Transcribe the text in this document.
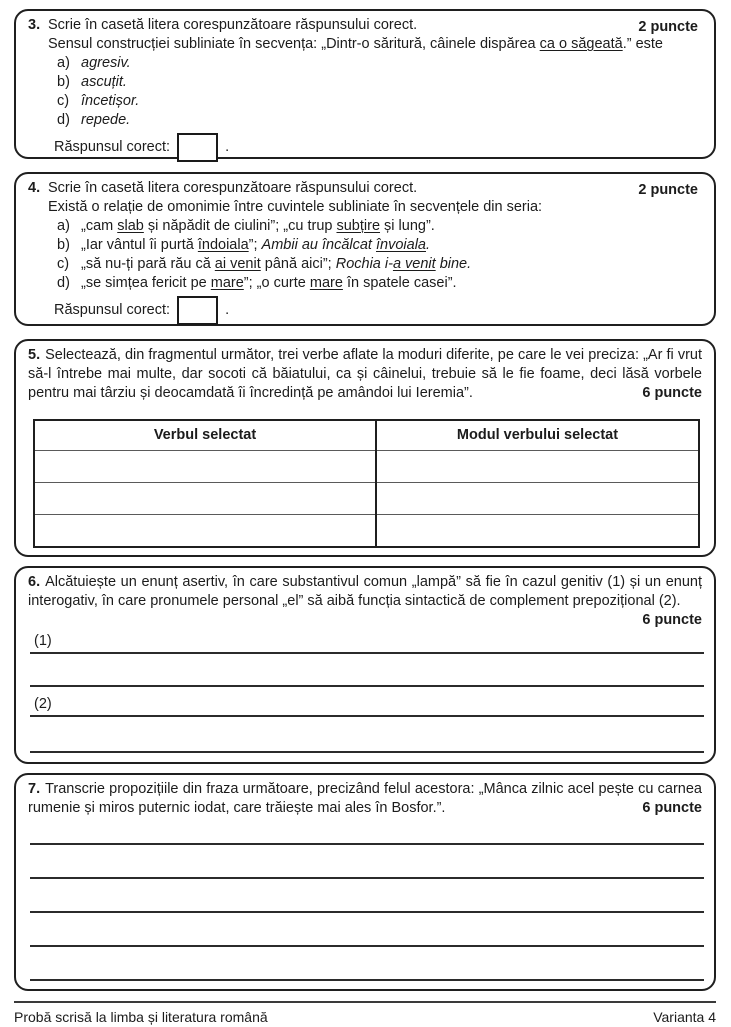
2 puncte
3. Scrie în casetă litera corespunzătoare răspunsului corect.
Sensul construcției subliniate în secvența: „Dintr-o săritură, câinele dispărea ca o săgeată.” este
a) agresiv.
b) ascuțit.
c) încetișor.
d) repede.
Răspunsul corect:	.
2 puncte
4. Scrie în casetă litera corespunzătoare răspunsului corect.
Există o relație de omonimie între cuvintele subliniate în secvențele din seria:
a) „cam slab și năpădit de ciulini”; „cu trup subțire și lung”.
b) „Iar vântul îi purtă îndoiala”; Ambii au încălcat învoiala.
c) „să nu-ți pară rău că ai venit până aici”; Rochia i-a venit bine.
d) „se simțea fericit pe mare”; „o curte mare în spatele casei”.
Răspunsul corect:	.

5. Selectează, din fragmentul următor, trei verbe aflate la moduri diferite, pe care le vei preciza: „Ar fi vrut să-l întrebe mai multe, dar socoti că băiatului, ca și câinelui, trebuie să le fie foame, deci lăsă vorbele pentru mai târziu și deocamdată îi încredință pe amândoi lui Ieremia”.	6 puncte

Verbul selectat	Modul verbului selectat

6. Alcătuiește un enunț asertiv, în care substantivul comun „lampă” să fie în cazul genitiv (1) și un enunț interogativ, în care pronumele personal „el” să aibă funcția sintactică de complement prepozițional (2).
6 puncte

(1)
(2)

7. Transcrie propozițiile din fraza următoare, precizând felul acestora: „Mânca zilnic acel pește cu carnea rumenie și miros puternic iodat, care trăiește mai ales în Bosfor.”.	6 puncte

Probă scrisă la limba și literatura română	Varianta 4
